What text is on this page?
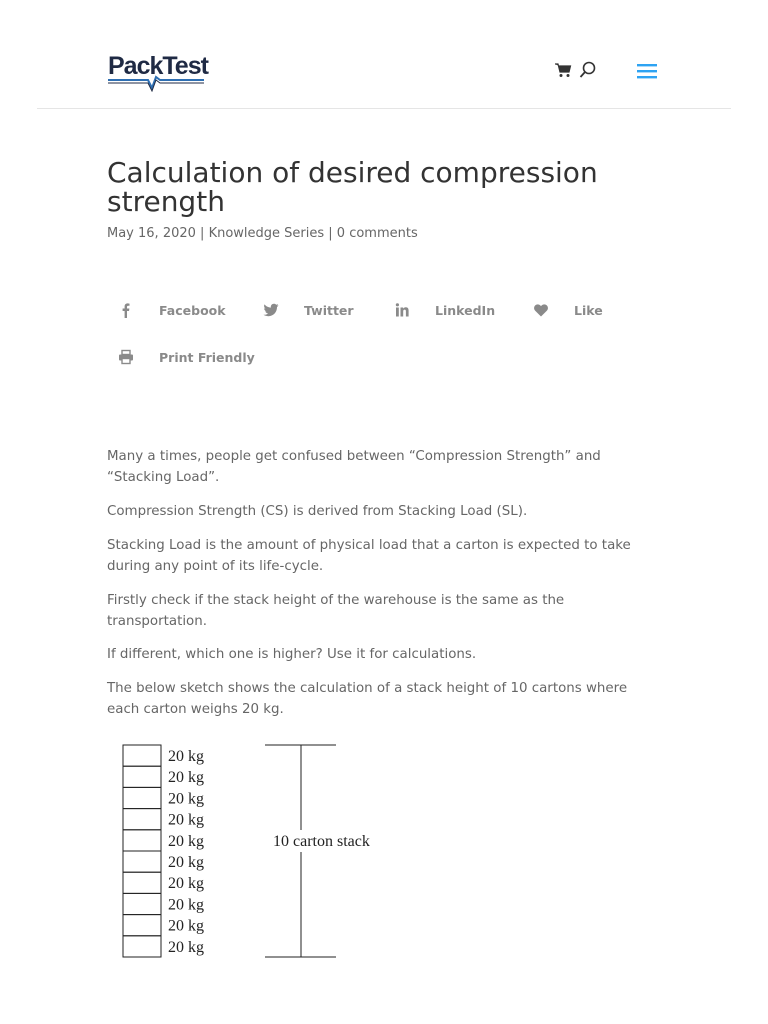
PackTest
Calculation of desired compression strength
May 16, 2020 | Knowledge Series | 0 comments
Facebook	Twitter	LinkedIn	Like
Print Friendly

Many a times, people get confused between “Compression Strength” and “Stacking Load”.

Compression Strength (CS) is derived from Stacking Load (SL).

Stacking Load is the amount of physical load that a carton is expected to take during any point of its life-cycle.

Firstly check if the stack height of the warehouse is the same as the transportation.

If different, which one is higher? Use it for calculations.

The below sketch shows the calculation of a stack height of 10 cartons where each carton weighs 20 kg.

20 kg
20 kg
20 kg
20 kg
20 kg
20 kg
20 kg
20 kg
20 kg
20 kg
10 carton stack
